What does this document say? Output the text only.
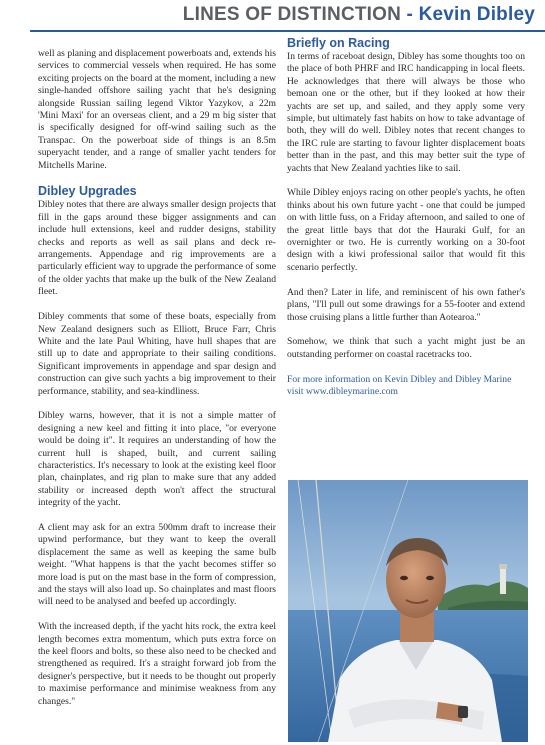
LINES OF DISTINCTION - Kevin Dibley

well as planing and displacement powerboats and, extends his services to commercial vessels when required. He has some exciting projects on the board at the moment, including a new single-handed offshore sailing yacht that he's designing alongside Russian sailing legend Viktor Yazykov, a 22m 'Mini Maxi' for an overseas client, and a 29 m big sister that is specifically designed for off-wind sailing such as the Transpac. On the powerboat side of things is an 8.5m superyacht tender, and a range of smaller yacht tenders for Mitchells Marine.

Dibley Upgrades

Dibley notes that there are always smaller design projects that fill in the gaps around these bigger assignments and can include hull extensions, keel and rudder designs, stability checks and reports as well as sail plans and deck re-arrangements. Appendage and rig improvements are a particularly efficient way to upgrade the performance of some of the older yachts that make up the bulk of the New Zealand fleet.

Dibley comments that some of these boats, especially from New Zealand designers such as Elliott, Bruce Farr, Chris White and the late Paul Whiting, have hull shapes that are still up to date and appropriate to their sailing conditions. Significant improvements in appendage and spar design and construction can give such yachts a big improvement to their performance, stability, and sea-kindliness.

Dibley warns, however, that it is not a simple matter of designing a new keel and fitting it into place, "or everyone would be doing it". It requires an understanding of how the current hull is shaped, built, and current sailing characteristics. It's necessary to look at the existing keel floor plan, chainplates, and rig plan to make sure that any added stability or increased depth won't affect the structural integrity of the yacht.

A client may ask for an extra 500mm draft to increase their upwind performance, but they want to keep the overall displacement the same as well as keeping the same bulb weight. "What happens is that the yacht becomes stiffer so more load is put on the mast base in the form of compression, and the stays will also load up. So chainplates and mast floors will need to be analysed and beefed up accordingly.

With the increased depth, if the yacht hits rock, the extra keel length becomes extra momentum, which puts extra force on the keel floors and bolts, so these also need to be checked and strengthened as required. It's a straight forward job from the designer's perspective, but it needs to be thought out properly to maximise performance and minimise weakness from any changes."

Briefly on Racing

In terms of raceboat design, Dibley has some thoughts too on the place of both PHRF and IRC handicapping in local fleets. He acknowledges that there will always be those who bemoan one or the other, but if they looked at how their yachts are set up, and sailed, and they apply some very simple, but ultimately fast habits on how to take advantage of both, they will do well. Dibley notes that recent changes to the IRC rule are starting to favour lighter displacement boats better than in the past, and this may better suit the type of yachts that New Zealand yachties like to sail.

While Dibley enjoys racing on other people's yachts, he often thinks about his own future yacht - one that could be jumped on with little fuss, on a Friday afternoon, and sailed to one of the great little bays that dot the Hauraki Gulf, for an overnighter or two. He is currently working on a 30-foot design with a kiwi professional sailor that would fit this scenario perfectly.

And then? Later in life, and reminiscent of his own father's plans, "I'll pull out some drawings for a 55-footer and extend those cruising plans a little further than Aotearoa."

Somehow, we think that such a yacht might just be an outstanding performer on coastal racetracks too.

For more information on Kevin Dibley and Dibley Marine visit www.dibleymarine.com
